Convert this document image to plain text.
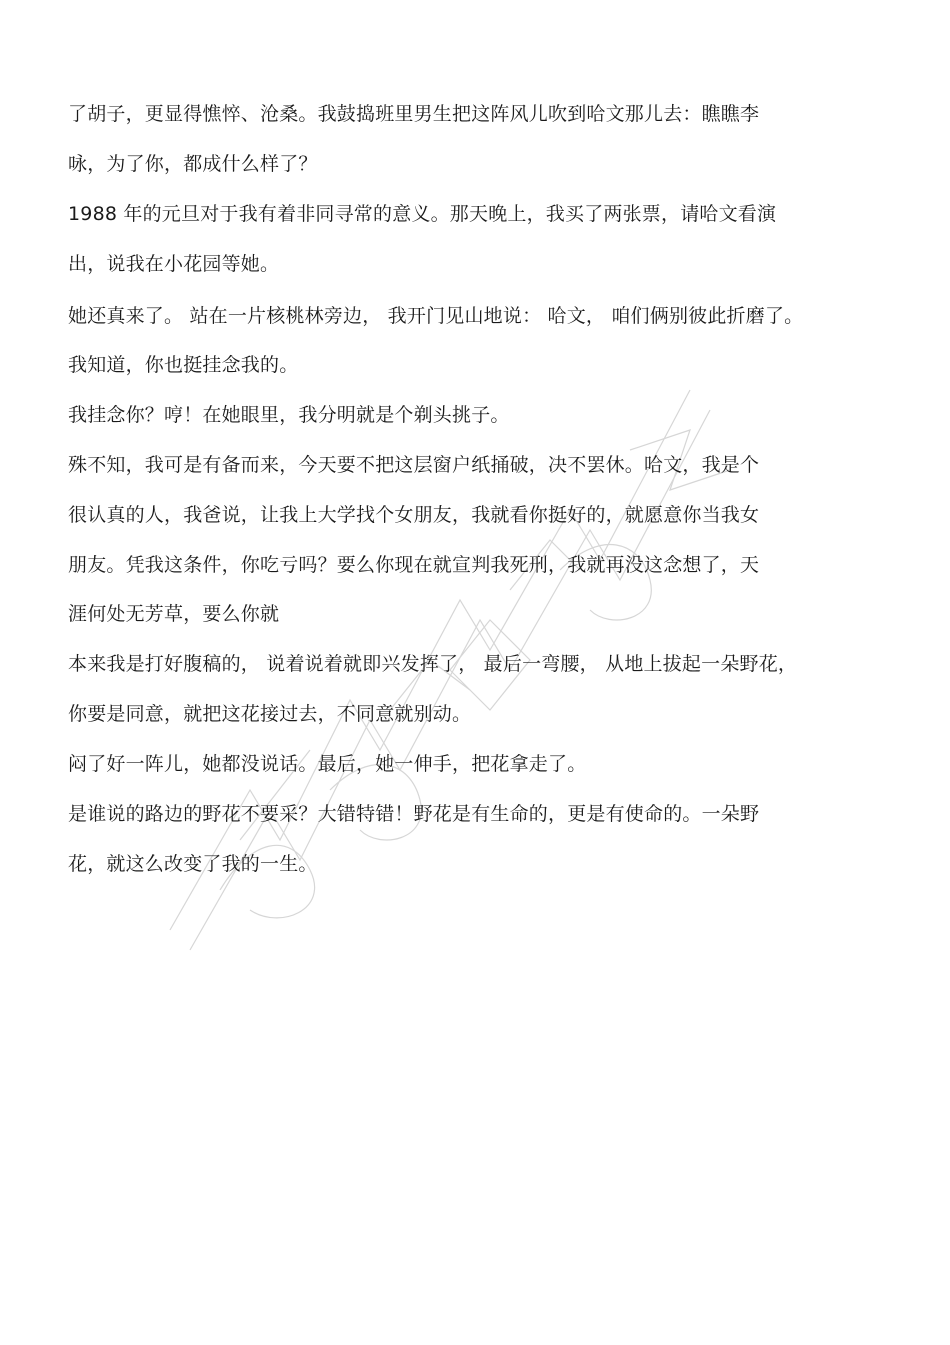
了胡子，更显得憔悴、沧桑。我鼓捣班里男生把这阵风儿吹到哈文那儿去：瞧瞧李
咏，为了你，都成什么样了？
1988 年的元旦对于我有着非同寻常的意义。那天晚上，我买了两张票，请哈文看演
出，说我在小花园等她。
她还真来了。 站在一片核桃林旁边， 我开门见山地说： 哈文， 咱们俩别彼此折磨了。
我知道，你也挺挂念我的。
我挂念你？哼！在她眼里，我分明就是个剃头挑子。
殊不知，我可是有备而来，今天要不把这层窗户纸捅破，决不罢休。哈文，我是个
很认真的人，我爸说，让我上大学找个女朋友，我就看你挺好的，就愿意你当我女
朋友。凭我这条件，你吃亏吗？要么你现在就宣判我死刑，我就再没这念想了，天
涯何处无芳草，要么你就
本来我是打好腹稿的， 说着说着就即兴发挥了， 最后一弯腰， 从地上拔起一朵野花，
你要是同意，就把这花接过去，不同意就别动。
闷了好一阵儿，她都没说话。最后，她一伸手，把花拿走了。
是谁说的路边的野花不要采？大错特错！野花是有生命的，更是有使命的。一朵野
花，就这么改变了我的一生。
